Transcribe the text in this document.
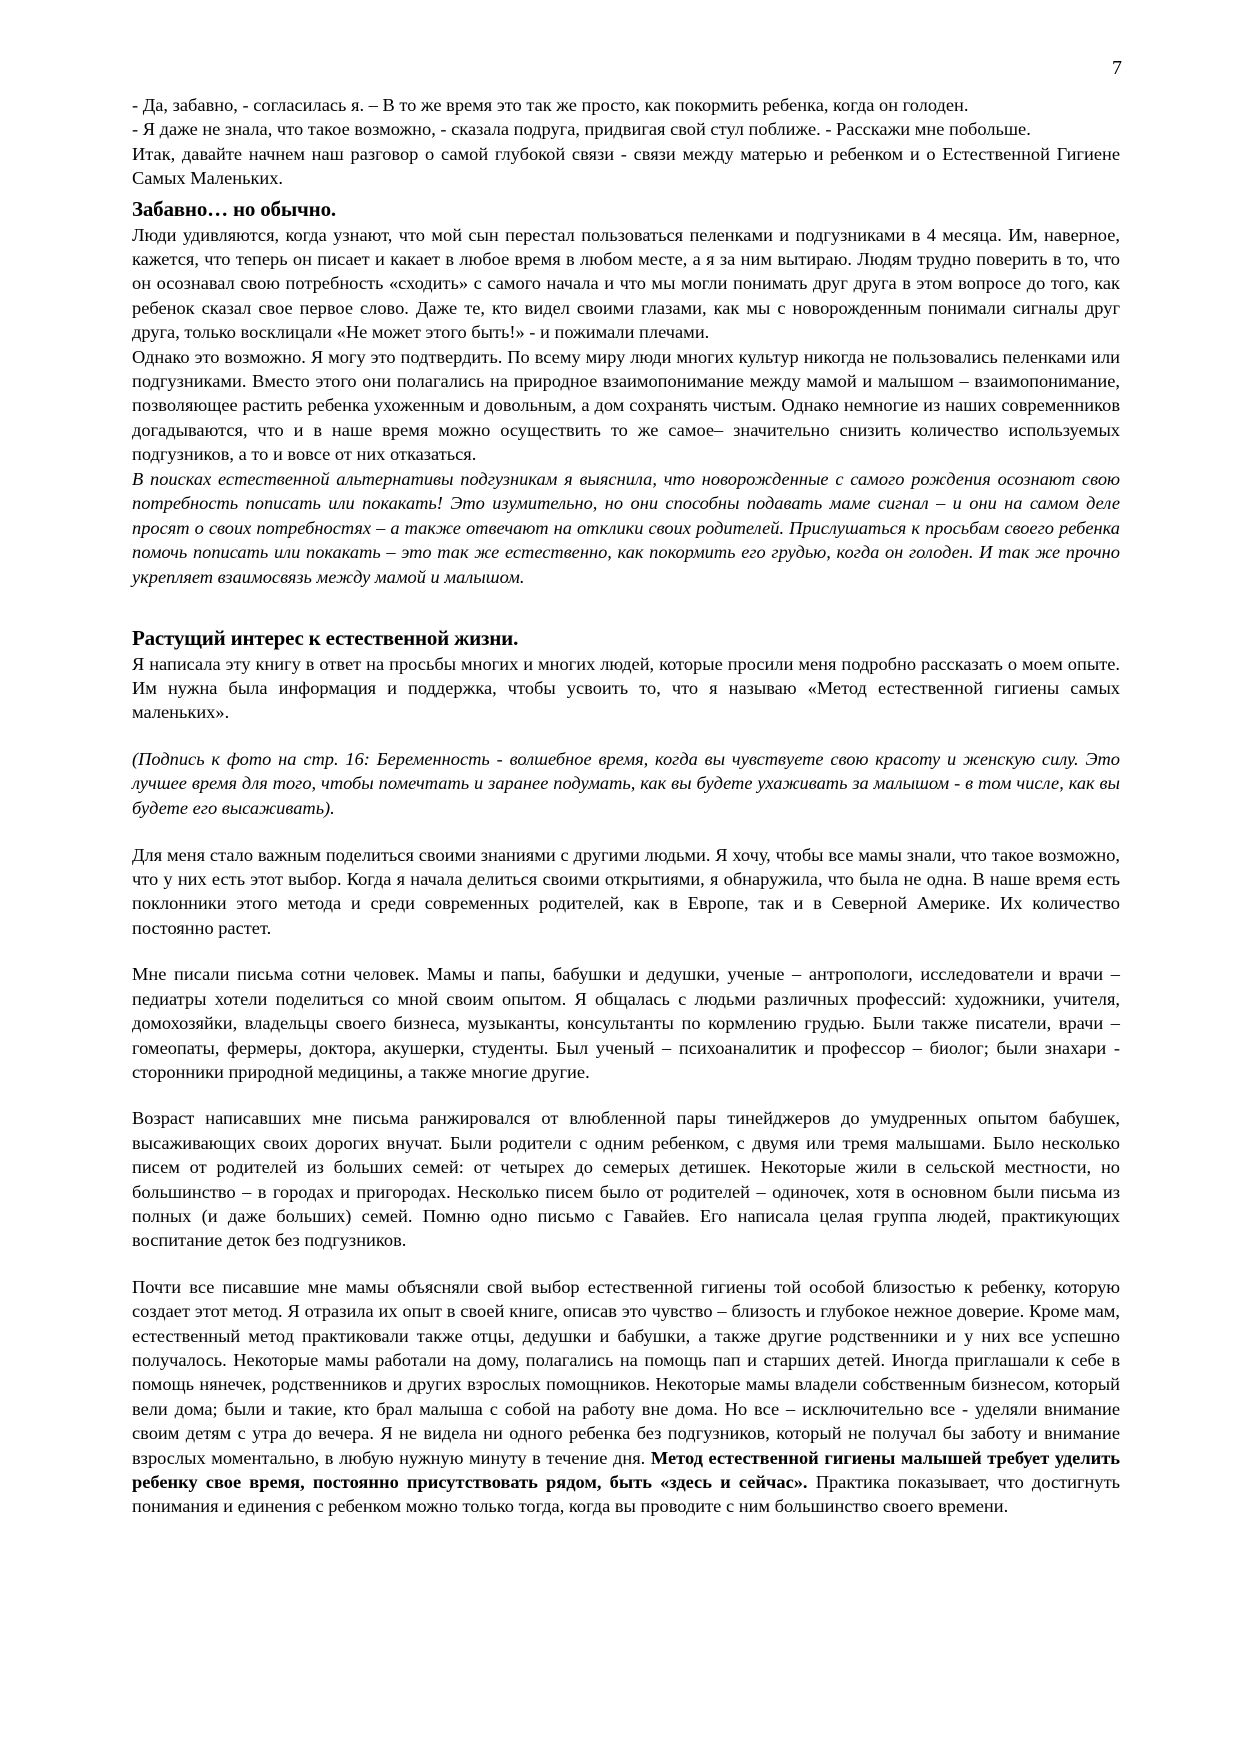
7

- Да, забавно, - согласилась я. – В то же время это так же просто, как покормить ребенка, когда он голоден.

- Я даже не знала, что такое возможно, - сказала подруга, придвигая свой стул поближе. - Расскажи мне побольше.

Итак, давайте начнем наш разговор о самой глубокой связи - связи между матерью и ребенком и о Естественной Гигиене Самых Маленьких.

Забавно… но обычно.

Люди удивляются, когда узнают, что мой сын перестал пользоваться пеленками и подгузниками в 4 месяца. Им, наверное, кажется, что теперь он писает и какает в любое время в любом месте, а я за ним вытираю. Людям трудно поверить в то, что он осознавал свою потребность «сходить» с самого начала и что мы могли понимать друг друга в этом вопросе до того, как ребенок сказал свое первое слово. Даже те, кто видел своими глазами, как мы с новорожденным понимали сигналы друг друга, только восклицали «Не может этого быть!» - и пожимали плечами.

Однако это возможно. Я могу это подтвердить. По всему миру люди многих культур никогда не пользовались пеленками или подгузниками. Вместо этого они полагались на природное взаимопонимание между мамой и малышом – взаимопонимание, позволяющее растить ребенка ухоженным и довольным, а дом сохранять чистым. Однако немногие из наших современников догадываются, что и в наше время можно осуществить то же самое– значительно снизить количество используемых подгузников, а то и вовсе от них отказаться.

В поисках естественной альтернативы подгузникам я выяснила, что новорожденные с самого рождения осознают свою потребность пописать или покакать! Это изумительно, но они способны подавать маме сигнал – и они на самом деле просят о своих потребностях – а также отвечают на отклики своих родителей. Прислушаться к просьбам своего ребенка помочь пописать или покакать – это так же естественно, как покормить его грудью, когда он голоден. И так же прочно укрепляет взаимосвязь между мамой и малышом.

Растущий интерес к естественной жизни.

Я написала эту книгу в ответ на просьбы многих и многих людей, которые просили меня подробно рассказать о моем опыте. Им нужна была информация и поддержка, чтобы усвоить то, что я называю «Метод естественной гигиены самых маленьких».

(Подпись к фото на стр. 16: Беременность - волшебное время, когда вы чувствуете свою красоту и женскую силу. Это лучшее время для того, чтобы помечтать и заранее подумать, как вы будете ухаживать за малышом - в том числе, как вы будете его высаживать).

Для меня стало важным поделиться своими знаниями с другими людьми. Я хочу, чтобы все мамы знали, что такое возможно, что у них есть этот выбор. Когда я начала делиться своими открытиями, я обнаружила, что была не одна. В наше время есть поклонники этого метода и среди современных родителей, как в Европе, так и в Северной Америке. Их количество постоянно растет.

Мне писали письма сотни человек. Мамы и папы, бабушки и дедушки, ученые – антропологи, исследователи и врачи – педиатры хотели поделиться со мной своим опытом. Я общалась с людьми различных профессий: художники, учителя, домохозяйки, владельцы своего бизнеса, музыканты, консультанты по кормлению грудью. Были также писатели, врачи – гомеопаты, фермеры, доктора, акушерки, студенты. Был ученый – психоаналитик и профессор – биолог; были знахари - сторонники природной медицины, а также многие другие.

Возраст написавших мне письма ранжировался от влюбленной пары тинейджеров до умудренных опытом бабушек, высаживающих своих дорогих внучат. Были родители с одним ребенком, с двумя или тремя малышами. Было несколько писем от родителей из больших семей: от четырех до семерых детишек. Некоторые жили в сельской местности, но большинство – в городах и пригородах. Несколько писем было от родителей – одиночек, хотя в основном были письма из полных (и даже больших) семей. Помню одно письмо с Гавайев. Его написала целая группа людей, практикующих воспитание деток без подгузников.

Почти все писавшие мне мамы объясняли свой выбор естественной гигиены той особой близостью к ребенку, которую создает этот метод. Я отразила их опыт в своей книге, описав это чувство – близость и глубокое нежное доверие. Кроме мам, естественный метод практиковали также отцы, дедушки и бабушки, а также другие родственники и у них все успешно получалось. Некоторые мамы работали на дому, полагались на помощь пап и старших детей. Иногда приглашали к себе в помощь нянечек, родственников и других взрослых помощников. Некоторые мамы владели собственным бизнесом, который вели дома; были и такие, кто брал малыша с собой на работу вне дома. Но все – исключительно все - уделяли внимание своим детям с утра до вечера. Я не видела ни одного ребенка без подгузников, который не получал бы заботу и внимание взрослых моментально, в любую нужную минуту в течение дня. Метод естественной гигиены малышей требует уделить ребенку свое время, постоянно присутствовать рядом, быть «здесь и сейчас». Практика показывает, что достигнуть понимания и единения с ребенком можно только тогда, когда вы проводите с ним большинство своего времени.
